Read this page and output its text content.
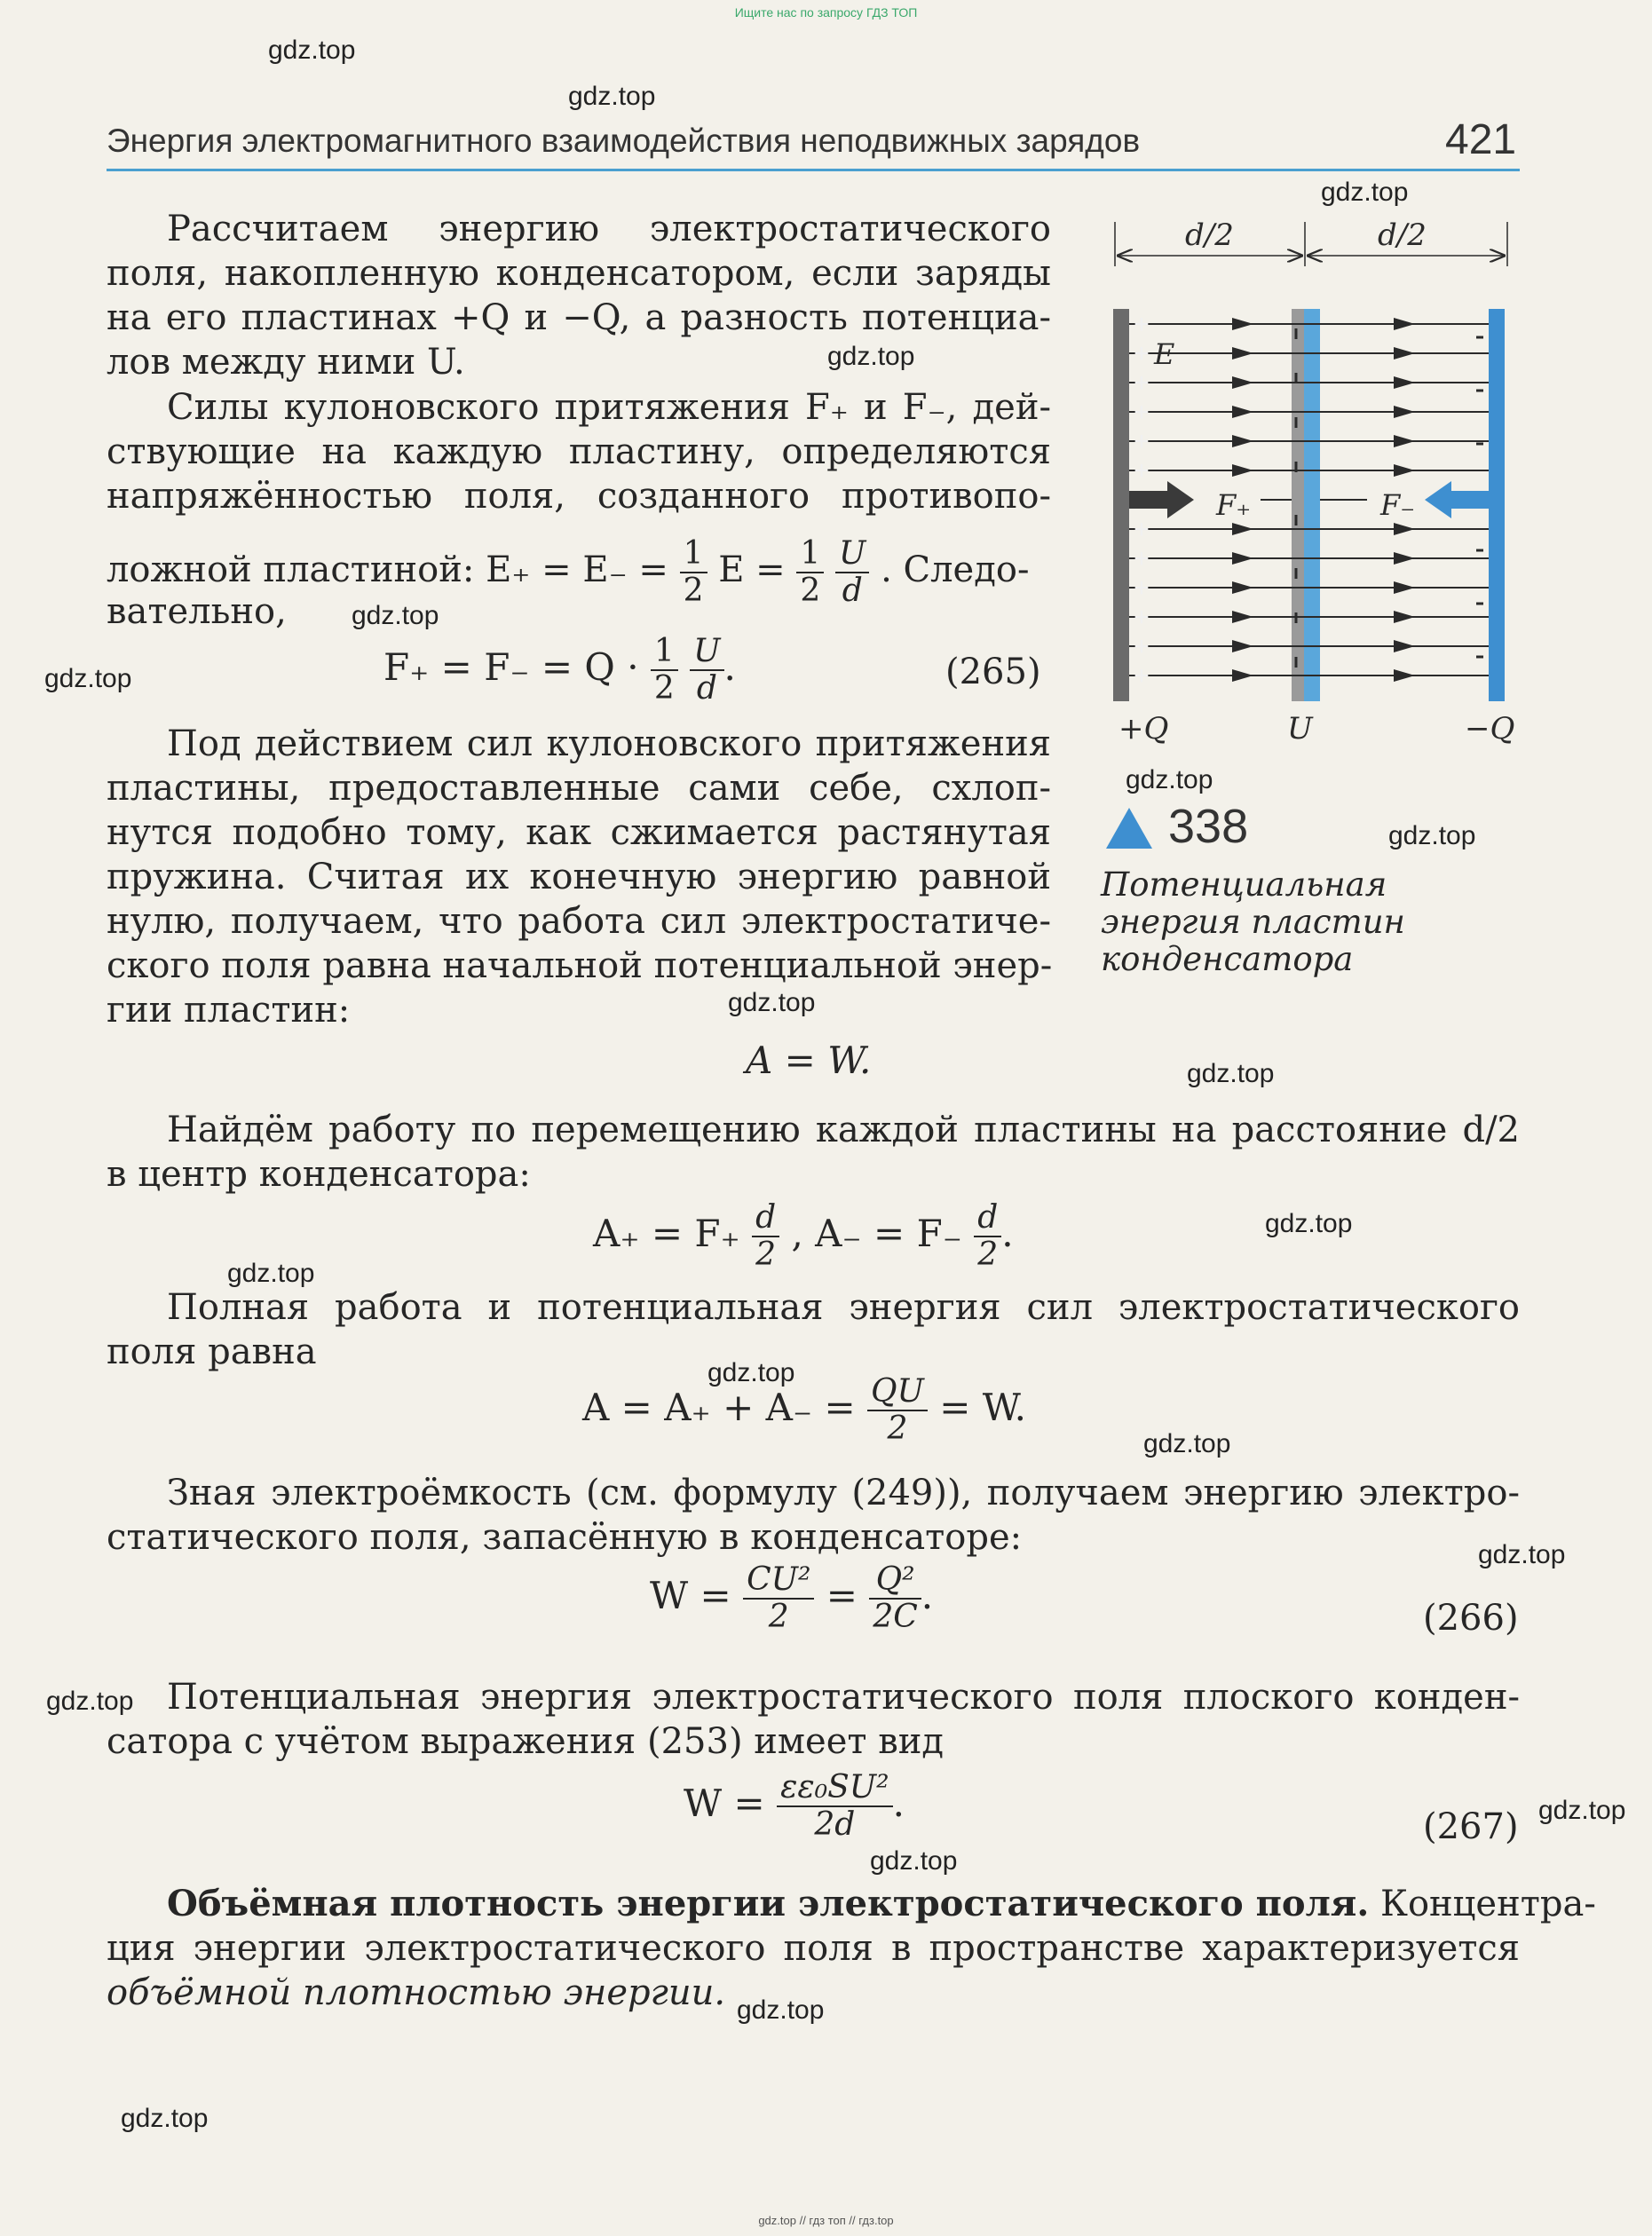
Ищите нас по запросу ГДЗ ТОП
gdz.top
gdz.top
gdz.top
gdz.top
gdz.top
gdz.top
gdz.top
gdz.top
gdz.top
gdz.top
gdz.top
gdz.top
gdz.top
gdz.top
gdz.top
gdz.top
gdz.top
gdz.top
gdz.top
gdz.top
Энергия электромагнитного взаимодействия неподвижных зарядов	421
Рассчитаем энергию электростатического
поля, накопленную конденсатором, если заряды
на его пластинах +Q и −Q, а разность потенциа-
лов между ними U.
Силы кулоновского притяжения F₊ и F₋, дей-
ствующие на каждую пластину, определяются
напряжённостью поля, созданного противопо-
ложной пластиной: $E_+ = E_- = \frac{1}{2}$ $E = \frac{1}{2}$
$\frac{U}{d}$ . Следо-
вательно,
$F_+ = F_- = Q \cdot \frac{1}{2}$
$\frac{U}{d}$ .	(265)
Под действием сил кулоновского притяжения
пластины, предоставленные сами себе, схлоп-
нутся подобно тому, как сжимается растянутая
пружина. Считая их конечную энергию равной
нулю, получаем, что работа сил электростатиче-
ского поля равна начальной потенциальной энер-
гии пластин:
A = W.
Найдём работу по перемещению каждой пластины на расстояние d/2
в центр конденсатора:
$A_+ = F_+ \frac{d}{2}$ , $A_- = F_- \frac{d}{2}$ .
Полная работа и потенциальная энергия сил электростатического
поля равна
$A = A_+ + A_- = \frac{QU}{2} = W$.
Зная электроёмкость (см. формулу (249)), получаем энергию электро-
статического поля, запасённую в конденсаторе:
$W = \frac{\text{CU²}}{2} = \frac{\text{Q²}}{2C}$ .
(266)
Потенциальная энергия электростатического поля плоского конден-
сатора с учётом выражения (253) имеет вид
$W = \frac{\text{εε₀SU²}}{2d}$ .
(267)
Объёмная плотность энергии электростатического поля. Концентра-
ция энергии электростатического поля в пространстве характеризуется
объёмной плотностью энергии.
+
+
+
+
+
+
+
+
+
+
+
+
d/2	d/2
E
F₊	F₋
+Q	U	−Q
338
Потенциальная
энергия пластин
конденсатора
gdz.top // гдз топ // гдз.top
